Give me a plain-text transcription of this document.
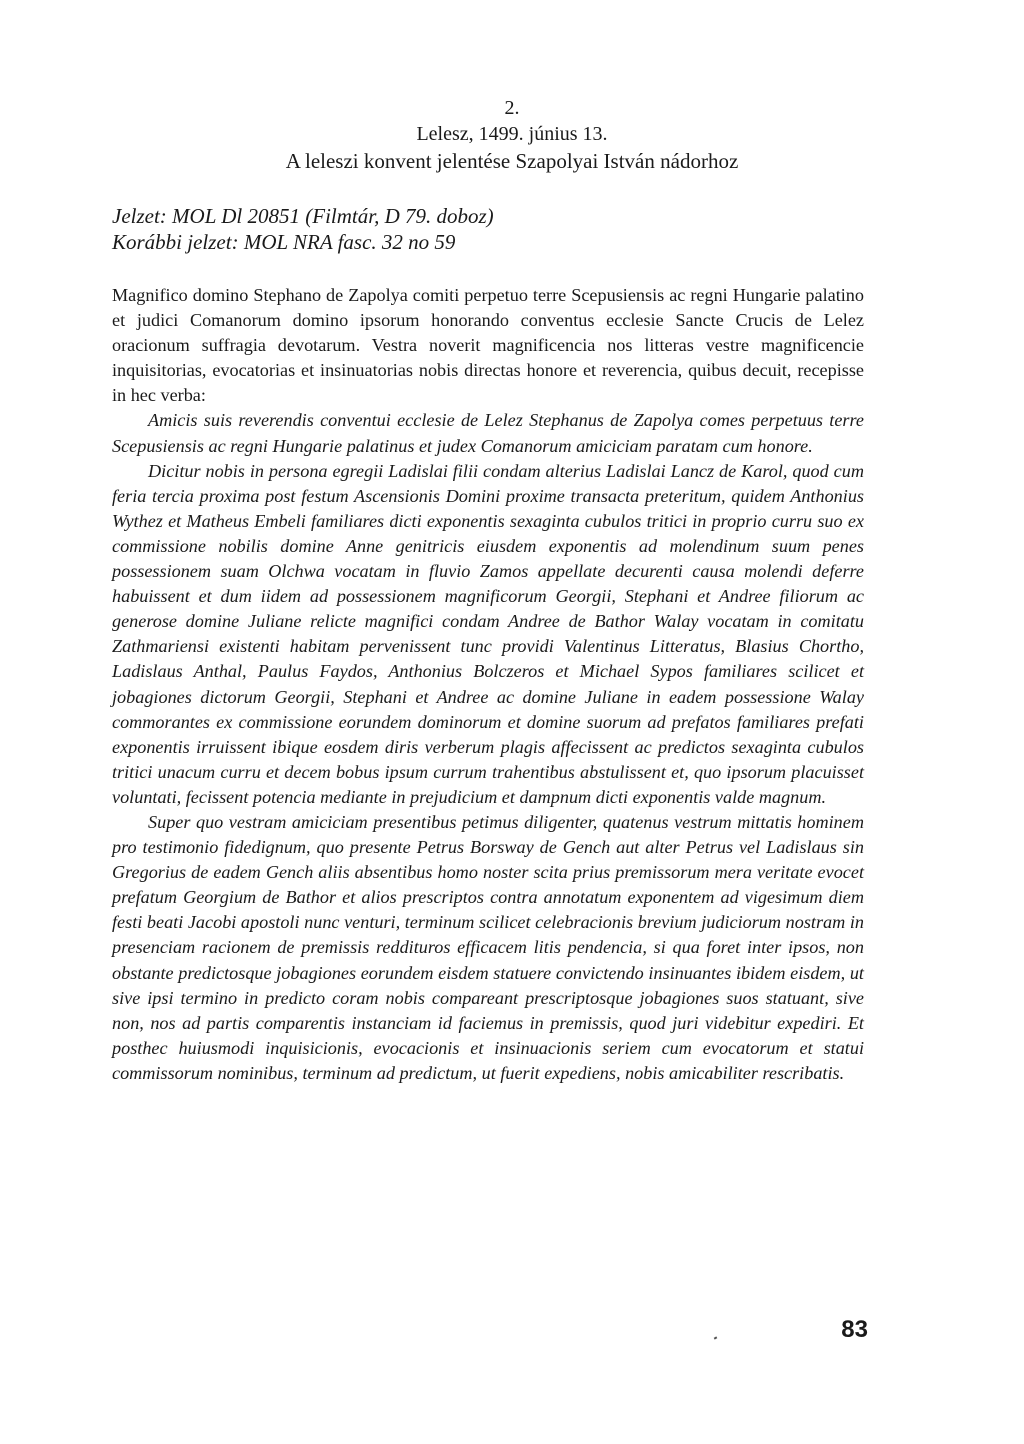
2.
Lelesz, 1499. június 13.
A leleszi konvent jelentése Szapolyai István nádorhoz
Jelzet: MOL Dl 20851 (Filmtár, D 79. doboz)
Korábbi jelzet: MOL NRA fasc. 32 no 59

Magnifico domino Stephano de Zapolya comiti perpetuo terre Scepusiensis ac regni Hungarie palatino et judici Comanorum domino ipsorum honorando conventus ecclesie Sancte Crucis de Lelez oracionum suffragia devotarum. Vestra noverit magnificencia nos litteras vestre magnificencie inquisitorias, evocatorias et insinuatorias nobis directas honore et reverencia, quibus decuit, recepisse in hec verba:

Amicis suis reverendis conventui ecclesie de Lelez Stephanus de Zapolya comes perpetuus terre Scepusiensis ac regni Hungarie palatinus et judex Comanorum amiciciam paratam cum honore.

Dicitur nobis in persona egregii Ladislai filii condam alterius Ladislai Lancz de Karol, quod cum feria tercia proxima post festum Ascensionis Domini proxime transacta preteritum, quidem Anthonius Wythez et Matheus Embeli familiares dicti exponentis sexaginta cubulos tritici in proprio curru suo ex commissione nobilis domine Anne genitricis eiusdem exponentis ad molendinum suum penes possessionem suam Olchwa vocatam in fluvio Zamos appellate decurenti causa molendi deferre habuissent et dum iidem ad possessionem magnificorum Georgii, Stephani et Andree filiorum ac generose domine Juliane relicte magnifici condam Andree de Bathor Walay vocatam in comitatu Zathmariensi existenti habitam pervenissent tunc providi Valentinus Litteratus, Blasius Chortho, Ladislaus Anthal, Paulus Faydos, Anthonius Bolczeros et Michael Sypos familiares scilicet et jobagiones dictorum Georgii, Stephani et Andree ac domine Juliane in eadem possessione Walay commorantes ex commissione eorundem dominorum et domine suorum ad prefatos familiares prefati exponentis irruissent ibique eosdem diris verberum plagis affecissent ac predictos sexaginta cubulos tritici unacum curru et decem bobus ipsum currum trahentibus abstulissent et, quo ipsorum placuisset voluntati, fecissent potencia mediante in prejudicium et dampnum dicti exponentis valde magnum.

Super quo vestram amiciciam presentibus petimus diligenter, quatenus vestrum mittatis hominem pro testimonio fidedignum, quo presente Petrus Borsway de Gench aut alter Petrus vel Ladislaus sin Gregorius de eadem Gench aliis absentibus homo noster scita prius premissorum mera veritate evocet prefatum Georgium de Bathor et alios prescriptos contra annotatum exponentem ad vigesimum diem festi beati Jacobi apostoli nunc venturi, terminum scilicet celebracionis brevium judiciorum nostram in presenciam racionem de premissis reddituros efficacem litis pendencia, si qua foret inter ipsos, non obstante predictosque jobagiones eorundem eisdem statuere convictendo insinuantes ibidem eisdem, ut sive ipsi termino in predicto coram nobis compareant prescriptosque jobagiones suos statuant, sive non, nos ad partis comparentis instanciam id faciemus in premissis, quod juri videbitur expediri. Et posthec huiusmodi inquisicionis, evocacionis et insinuacionis seriem cum evocatorum et statui commissorum nominibus, terminum ad predictum, ut fuerit expediens, nobis amicabiliter rescribatis.

83
